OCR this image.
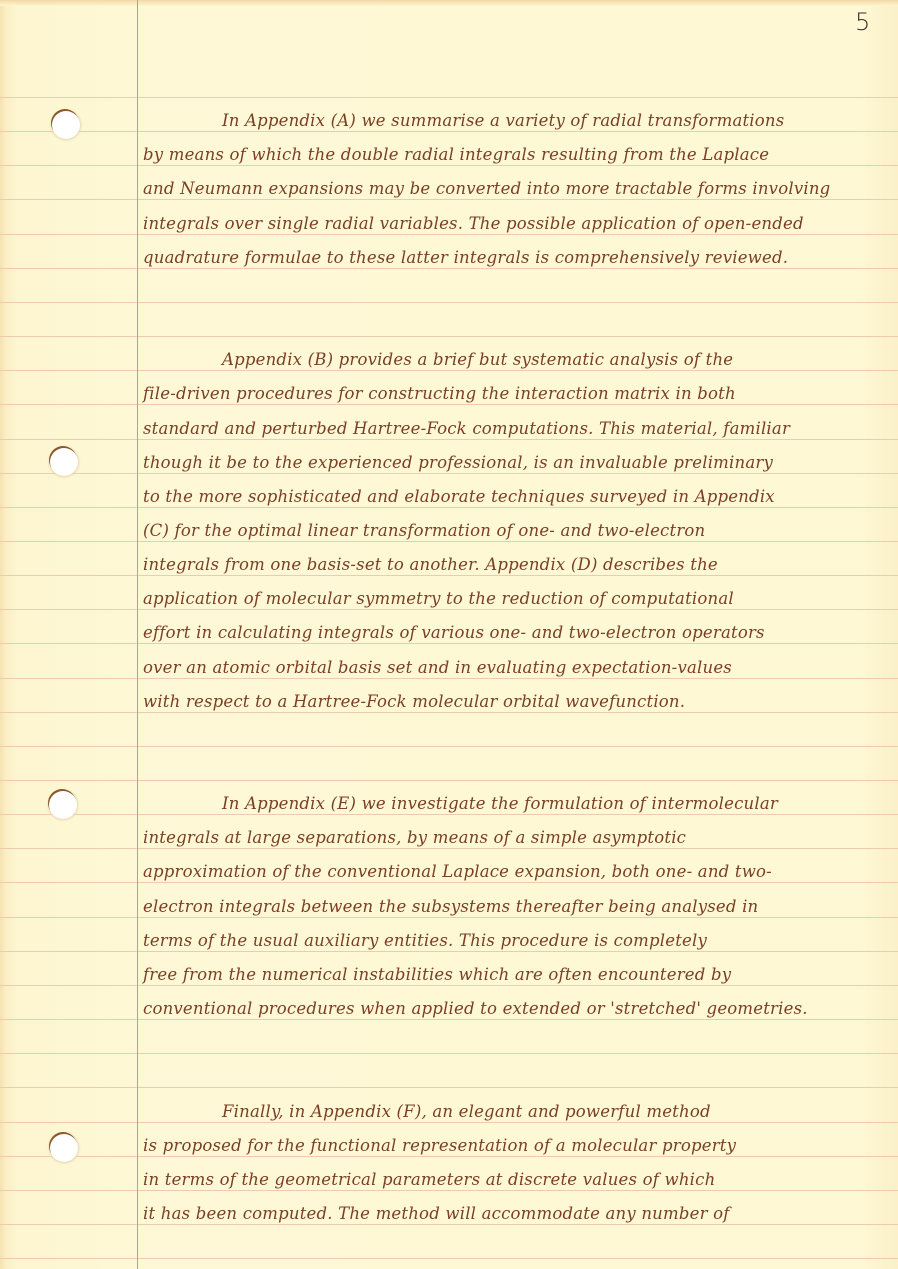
5
In Appendix (A) we summarise a variety of radial transformations
by means of which the double radial integrals resulting from the Laplace
and Neumann expansions may be converted into more tractable forms involving
integrals over single radial variables. The possible application of open-ended
quadrature formulae to these latter integrals is comprehensively reviewed.
Appendix (B) provides a brief but systematic analysis of the
file-driven procedures for constructing the interaction matrix in both
standard and perturbed Hartree-Fock computations. This material, familiar
though it be to the experienced professional, is an invaluable preliminary
to the more sophisticated and elaborate techniques surveyed in Appendix
(C) for the optimal linear transformation of one- and two-electron
integrals from one basis-set to another. Appendix (D) describes the
application of molecular symmetry to the reduction of computational
effort in calculating integrals of various one- and two-electron operators
over an atomic orbital basis set and in evaluating expectation-values
with respect to a Hartree-Fock molecular orbital wavefunction.
In Appendix (E) we investigate the formulation of intermolecular
integrals at large separations, by means of a simple asymptotic
approximation of the conventional Laplace expansion, both one- and two-
electron integrals between the subsystems thereafter being analysed in
terms of the usual auxiliary entities. This procedure is completely
free from the numerical instabilities which are often encountered by
conventional procedures when applied to extended or 'stretched' geometries.
Finally, in Appendix (F), an elegant and powerful method
is proposed for the functional representation of a molecular property
in terms of the geometrical parameters at discrete values of which
it has been computed. The method will accommodate any number of
